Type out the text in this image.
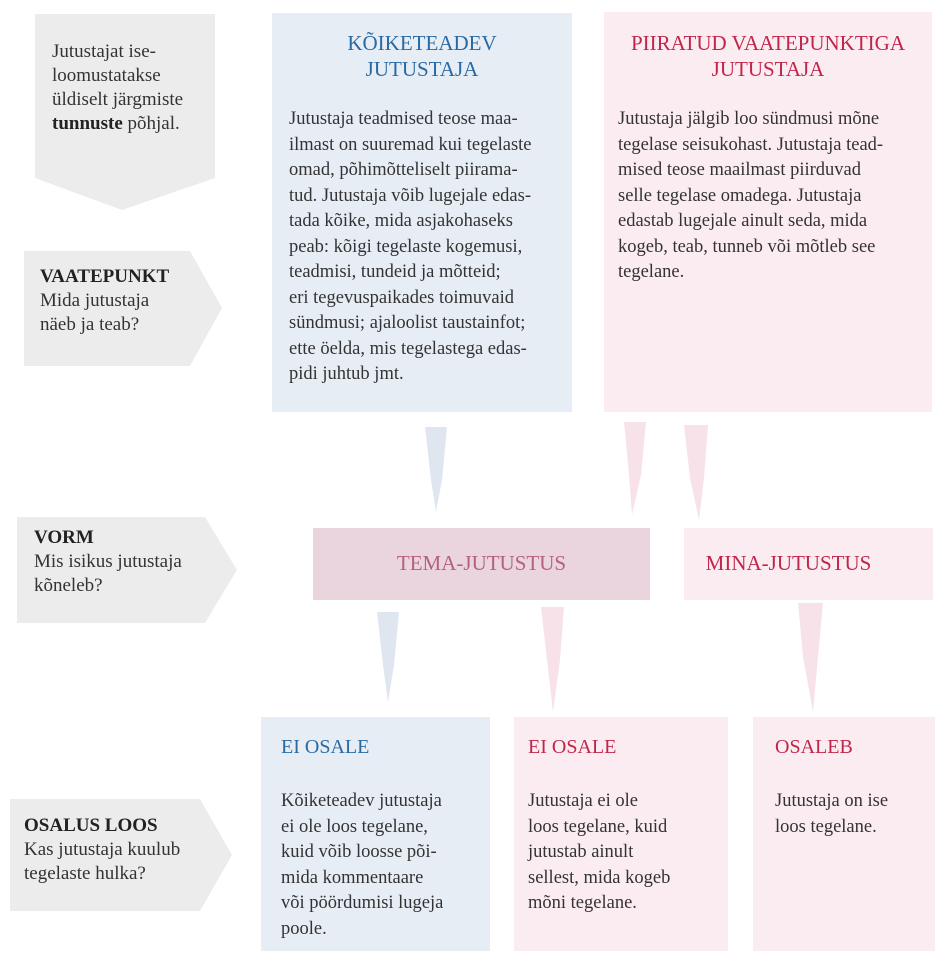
Jutustajat ise-
loomustatakse
üldiselt järgmiste
tunnuste põhjal.
VAATEPUNKT
Mida jutustaja
näeb ja teab?
VORM
Mis isikus jutustaja
kõneleb?
OSALUS LOOS
Kas jutustaja kuulub
tegelaste hulka?
KÕIKETEADEV
JUTUSTAJA
Jutustaja teadmised teose maa-
ilmast on suuremad kui tegelaste
omad, põhimõtteliselt piirama-
tud. Jutustaja võib lugejale edas-
tada kõike, mida asjakohaseks
peab: kõigi tegelaste kogemusi,
teadmisi, tundeid ja mõtteid;
eri tegevuspaikades toimuvaid
sündmusi; ajaloolist taustainfot;
ette öelda, mis tegelastega edas-
pidi juhtub jmt.
PIIRATUD VAATEPUNKTIGA
JUTUSTAJA
Jutustaja jälgib loo sündmusi mõne
tegelase seisukohast. Jutustaja tead-
mised teose maailmast piirduvad
selle tegelase omadega. Jutustaja
edastab lugejale ainult seda, mida
kogeb, teab, tunneb või mõtleb see
tegelane.
TEMA-JUTUSTUS	MINA-JUTUSTUS
EI OSALE
Kõiketeadev jutustaja
ei ole loos tegelane,
kuid võib loosse põi-
mida kommentaare
või pöördumisi lugeja
poole.
EI OSALE
Jutustaja ei ole
loos tegelane, kuid
jutustab ainult
sellest, mida kogeb
mõni tegelane.
OSALEB
Jutustaja on ise
loos tegelane.
